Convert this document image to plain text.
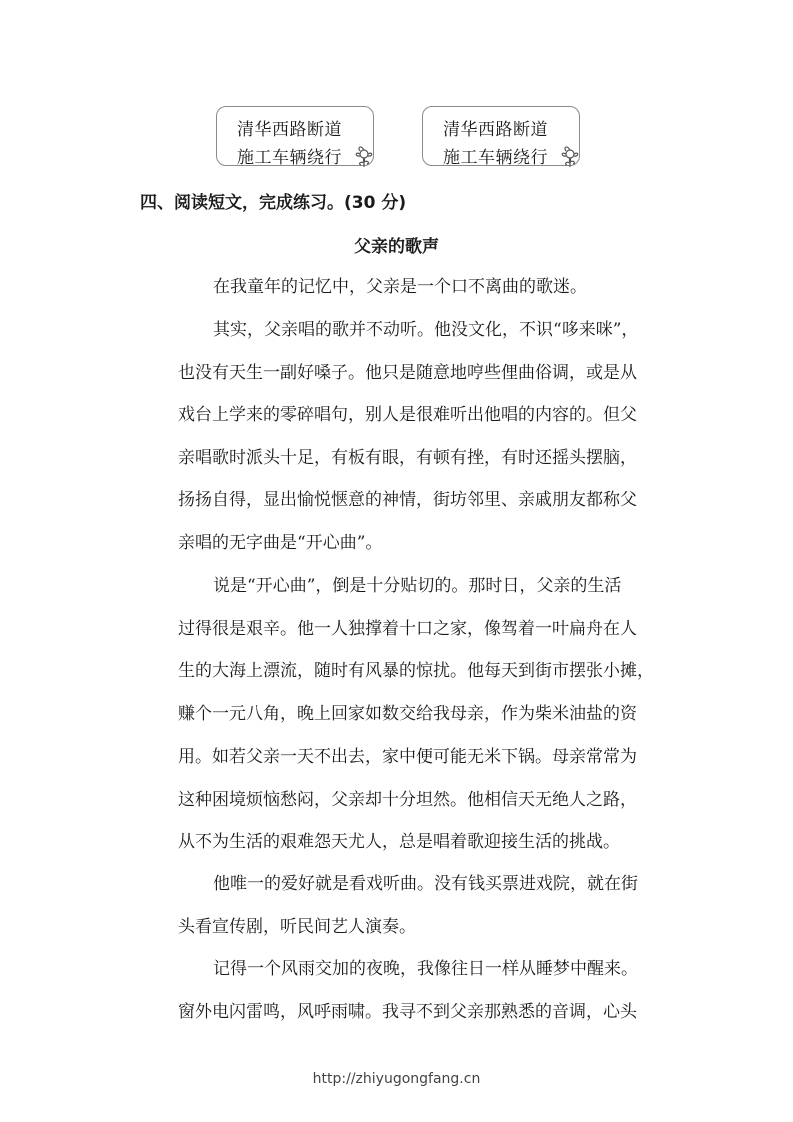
清华西路断道
施工车辆绕行
清华西路断道
施工车辆绕行
四、阅读短文，完成练习。(30 分)
父亲的歌声
在我童年的记忆中，父亲是一个口不离曲的歌迷。
其实，父亲唱的歌并不动听。他没文化，不识“哆来咪”，
也没有天生一副好嗓子。他只是随意地哼些俚曲俗调，或是从
戏台上学来的零碎唱句，别人是很难听出他唱的内容的。但父
亲唱歌时派头十足，有板有眼，有顿有挫，有时还摇头摆脑，
扬扬自得，显出愉悦惬意的神情，街坊邻里、亲戚朋友都称父
亲唱的无字曲是“开心曲”。
说是“开心曲”，倒是十分贴切的。那时日，父亲的生活
过得很是艰辛。他一人独撑着十口之家，像驾着一叶扁舟在人
生的大海上漂流，随时有风暴的惊扰。他每天到街市摆张小摊，
赚个一元八角，晚上回家如数交给我母亲，作为柴米油盐的资
用。如若父亲一天不出去，家中便可能无米下锅。母亲常常为
这种困境烦恼愁闷，父亲却十分坦然。他相信天无绝人之路，
从不为生活的艰难怨天尤人，总是唱着歌迎接生活的挑战。
他唯一的爱好就是看戏听曲。没有钱买票进戏院，就在街
头看宣传剧，听民间艺人演奏。
记得一个风雨交加的夜晚，我像往日一样从睡梦中醒来。
窗外电闪雷鸣，风呼雨啸。我寻不到父亲那熟悉的音调，心头
http://zhiyugongfang.cn
